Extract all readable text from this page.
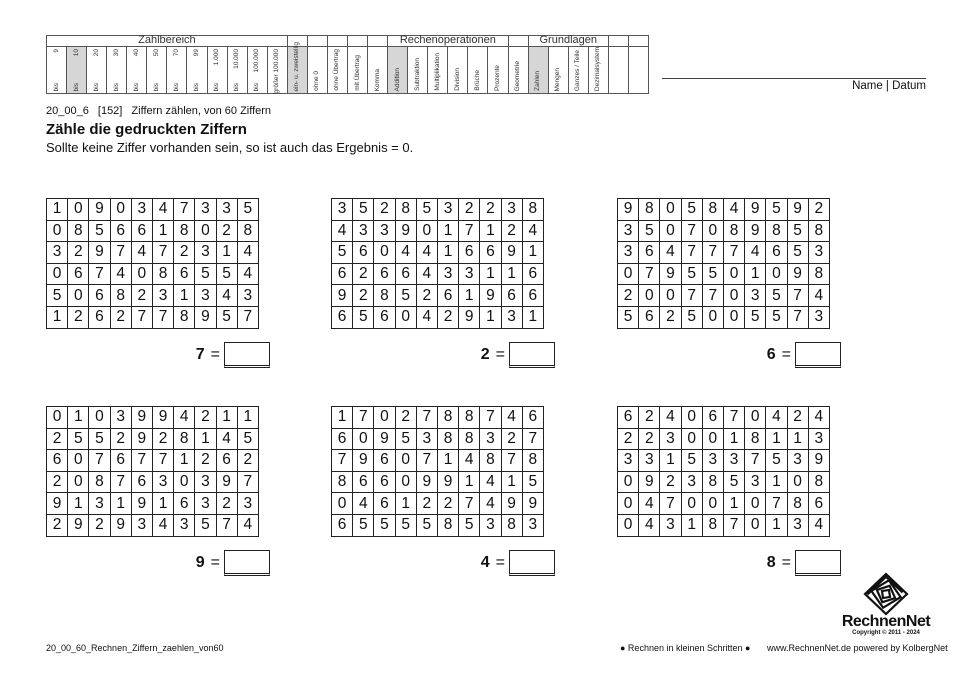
Zahlbereich																	Rechenoperationen							Grundlagen					

9
bis	10
bis	20
bis	30
bis	40
bis	50
bis	70
bis	99
bis	1.000
bis	10.000
bis	100.000
bis	größer 100.000	ein- u. zweistellig	ohne 0	ohne Übertrag	mit Übertrag	Komma	Addition	Subtraktion	Multiplikation	Division	Brüche	Prozente	Geometrie	Zahlen	Mengen	Ganzes / Teile	Dezimalsystem		
			Name | Datum
20_00_6 [152] Ziffern zählen, von 60 Ziffern
Zähle die gedruckten Ziffern
Sollte keine Ziffer vorhanden sein, so ist auch das Ergebnis = 0.
1	0	9	0	3	4	7	3	3	5
0	8	5	6	6	1	8	0	2	8
3	2	9	7	4	7	2	3	1	4
0	6	7	4	0	8	6	5	5	4
5	0	6	8	2	3	1	3	4	3
1	2	6	2	7	7	8	9	5	7
7 =
3	5	2	8	5	3	2	2	3	8
4	3	3	9	0	1	7	1	2	4
5	6	0	4	4	1	6	6	9	1
6	2	6	6	4	3	3	1	1	6
9	2	8	5	2	6	1	9	6	6
6	5	6	0	4	2	9	1	3	1
2 =
9	8	0	5	8	4	9	5	9	2
3	5	0	7	0	8	9	8	5	8
3	6	4	7	7	7	4	6	5	3
0	7	9	5	5	0	1	0	9	8
2	0	0	7	7	0	3	5	7	4
5	6	2	5	0	0	5	5	7	3
6 =
0	1	0	3	9	9	4	2	1	1
2	5	5	2	9	2	8	1	4	5
6	0	7	6	7	7	1	2	6	2
2	0	8	7	6	3	0	3	9	7
9	1	3	1	9	1	6	3	2	3
2	9	2	9	3	4	3	5	7	4
9 =
1	7	0	2	7	8	8	7	4	6
6	0	9	5	3	8	8	3	2	7
7	9	6	0	7	1	4	8	7	8
8	6	6	0	9	9	1	4	1	5
0	4	6	1	2	2	7	4	9	9
6	5	5	5	5	8	5	3	8	3
4 =
6	2	4	0	6	7	0	4	2	4
2	2	3	0	0	1	8	1	1	3
3	3	1	5	3	3	7	5	3	9
0	9	2	3	8	5	3	1	0	8
0	4	7	0	0	1	0	7	8	6
0	4	3	1	8	7	0	1	3	4
8 =
20_00_60_Rechnen_Ziffern_zaehlen_von60	● Rechnen in kleinen Schritten ● www.RechnenNet.de powered by KolbergNet
RechnenNet
Copyright © 2011 - 2024
